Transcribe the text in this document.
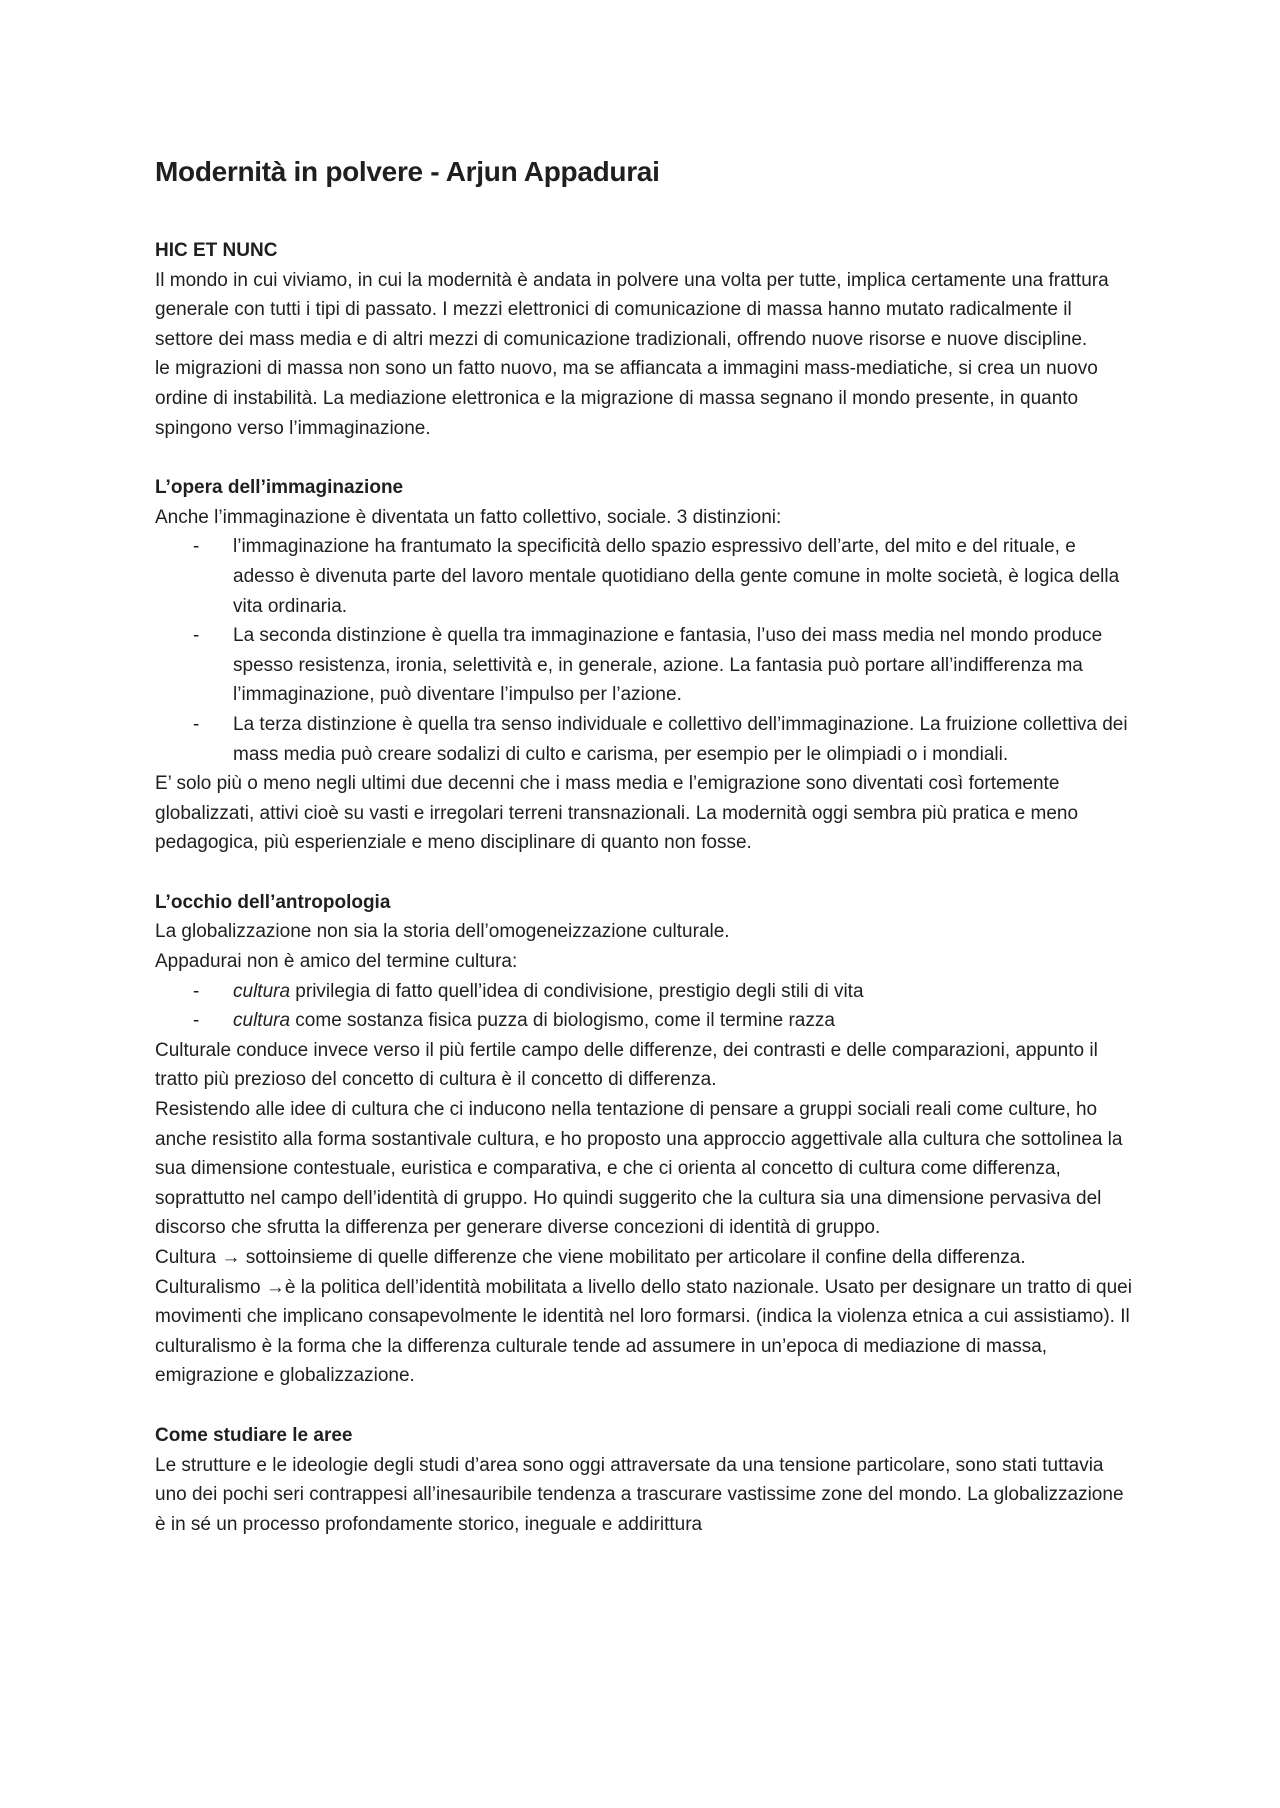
Modernità in polvere - Arjun Appadurai

HIC ET NUNC

Il mondo in cui viviamo, in cui la modernità è andata in polvere una volta per tutte, implica certamente una frattura generale con tutti i tipi di passato. I mezzi elettronici di comunicazione di massa hanno mutato radicalmente il settore dei mass media e di altri mezzi di comunicazione tradizionali, offrendo nuove risorse e nuove discipline.

le migrazioni di massa non sono un fatto nuovo, ma se affiancata a immagini mass-mediatiche, si crea un nuovo ordine di instabilità. La mediazione elettronica e la migrazione di massa segnano il mondo presente, in quanto spingono verso l’immaginazione.

L’opera dell’immaginazione

Anche l’immaginazione è diventata un fatto collettivo, sociale. 3 distinzioni:

- l’immaginazione ha frantumato la specificità dello spazio espressivo dell’arte, del mito e del rituale, e adesso è divenuta parte del lavoro mentale quotidiano della gente comune in molte società, è logica della vita ordinaria.
- La seconda distinzione è quella tra immaginazione e fantasia, l’uso dei mass media nel mondo produce spesso resistenza, ironia, selettività e, in generale, azione. La fantasia può portare all’indifferenza ma l’immaginazione, può diventare l’impulso per l’azione.
- La terza distinzione è quella tra senso individuale e collettivo dell’immaginazione. La fruizione collettiva dei mass media può creare sodalizi di culto e carisma, per esempio per le olimpiadi o i mondiali.

E’ solo più o meno negli ultimi due decenni che i mass media e l’emigrazione sono diventati così fortemente globalizzati, attivi cioè su vasti e irregolari terreni transnazionali. La modernità oggi sembra più pratica e meno pedagogica, più esperienziale e meno disciplinare di quanto non fosse.

L’occhio dell’antropologia

La globalizzazione non sia la storia dell’omogeneizzazione culturale.

Appadurai non è amico del termine cultura:

- cultura privilegia di fatto quell’idea di condivisione, prestigio degli stili di vita
- cultura come sostanza fisica puzza di biologismo, come il termine razza

Culturale conduce invece verso il più fertile campo delle differenze, dei contrasti e delle comparazioni, appunto il tratto più prezioso del concetto di cultura è il concetto di differenza.

Resistendo alle idee di cultura che ci inducono nella tentazione di pensare a gruppi sociali reali come culture, ho anche resistito alla forma sostantivale cultura, e ho proposto una approccio aggettivale alla cultura che sottolinea la sua dimensione contestuale, euristica e comparativa, e che ci orienta al concetto di cultura come differenza, soprattutto nel campo dell’identità di gruppo. Ho quindi suggerito che la cultura sia una dimensione pervasiva del discorso che sfrutta la differenza per generare diverse concezioni di identità di gruppo.

Cultura → sottoinsieme di quelle differenze che viene mobilitato per articolare il confine della differenza.

Culturalismo →è la politica dell’identità mobilitata a livello dello stato nazionale. Usato per designare un tratto di quei movimenti che implicano consapevolmente le identità nel loro formarsi. (indica la violenza etnica a cui assistiamo). Il culturalismo è la forma che la differenza culturale tende ad assumere in un’epoca di mediazione di massa, emigrazione e globalizzazione.

Come studiare le aree

Le strutture e le ideologie degli studi d’area sono oggi attraversate da una tensione particolare, sono stati tuttavia uno dei pochi seri contrappesi all’inesauribile tendenza a trascurare vastissime zone del mondo. La globalizzazione è in sé un processo profondamente storico, ineguale e addirittura
